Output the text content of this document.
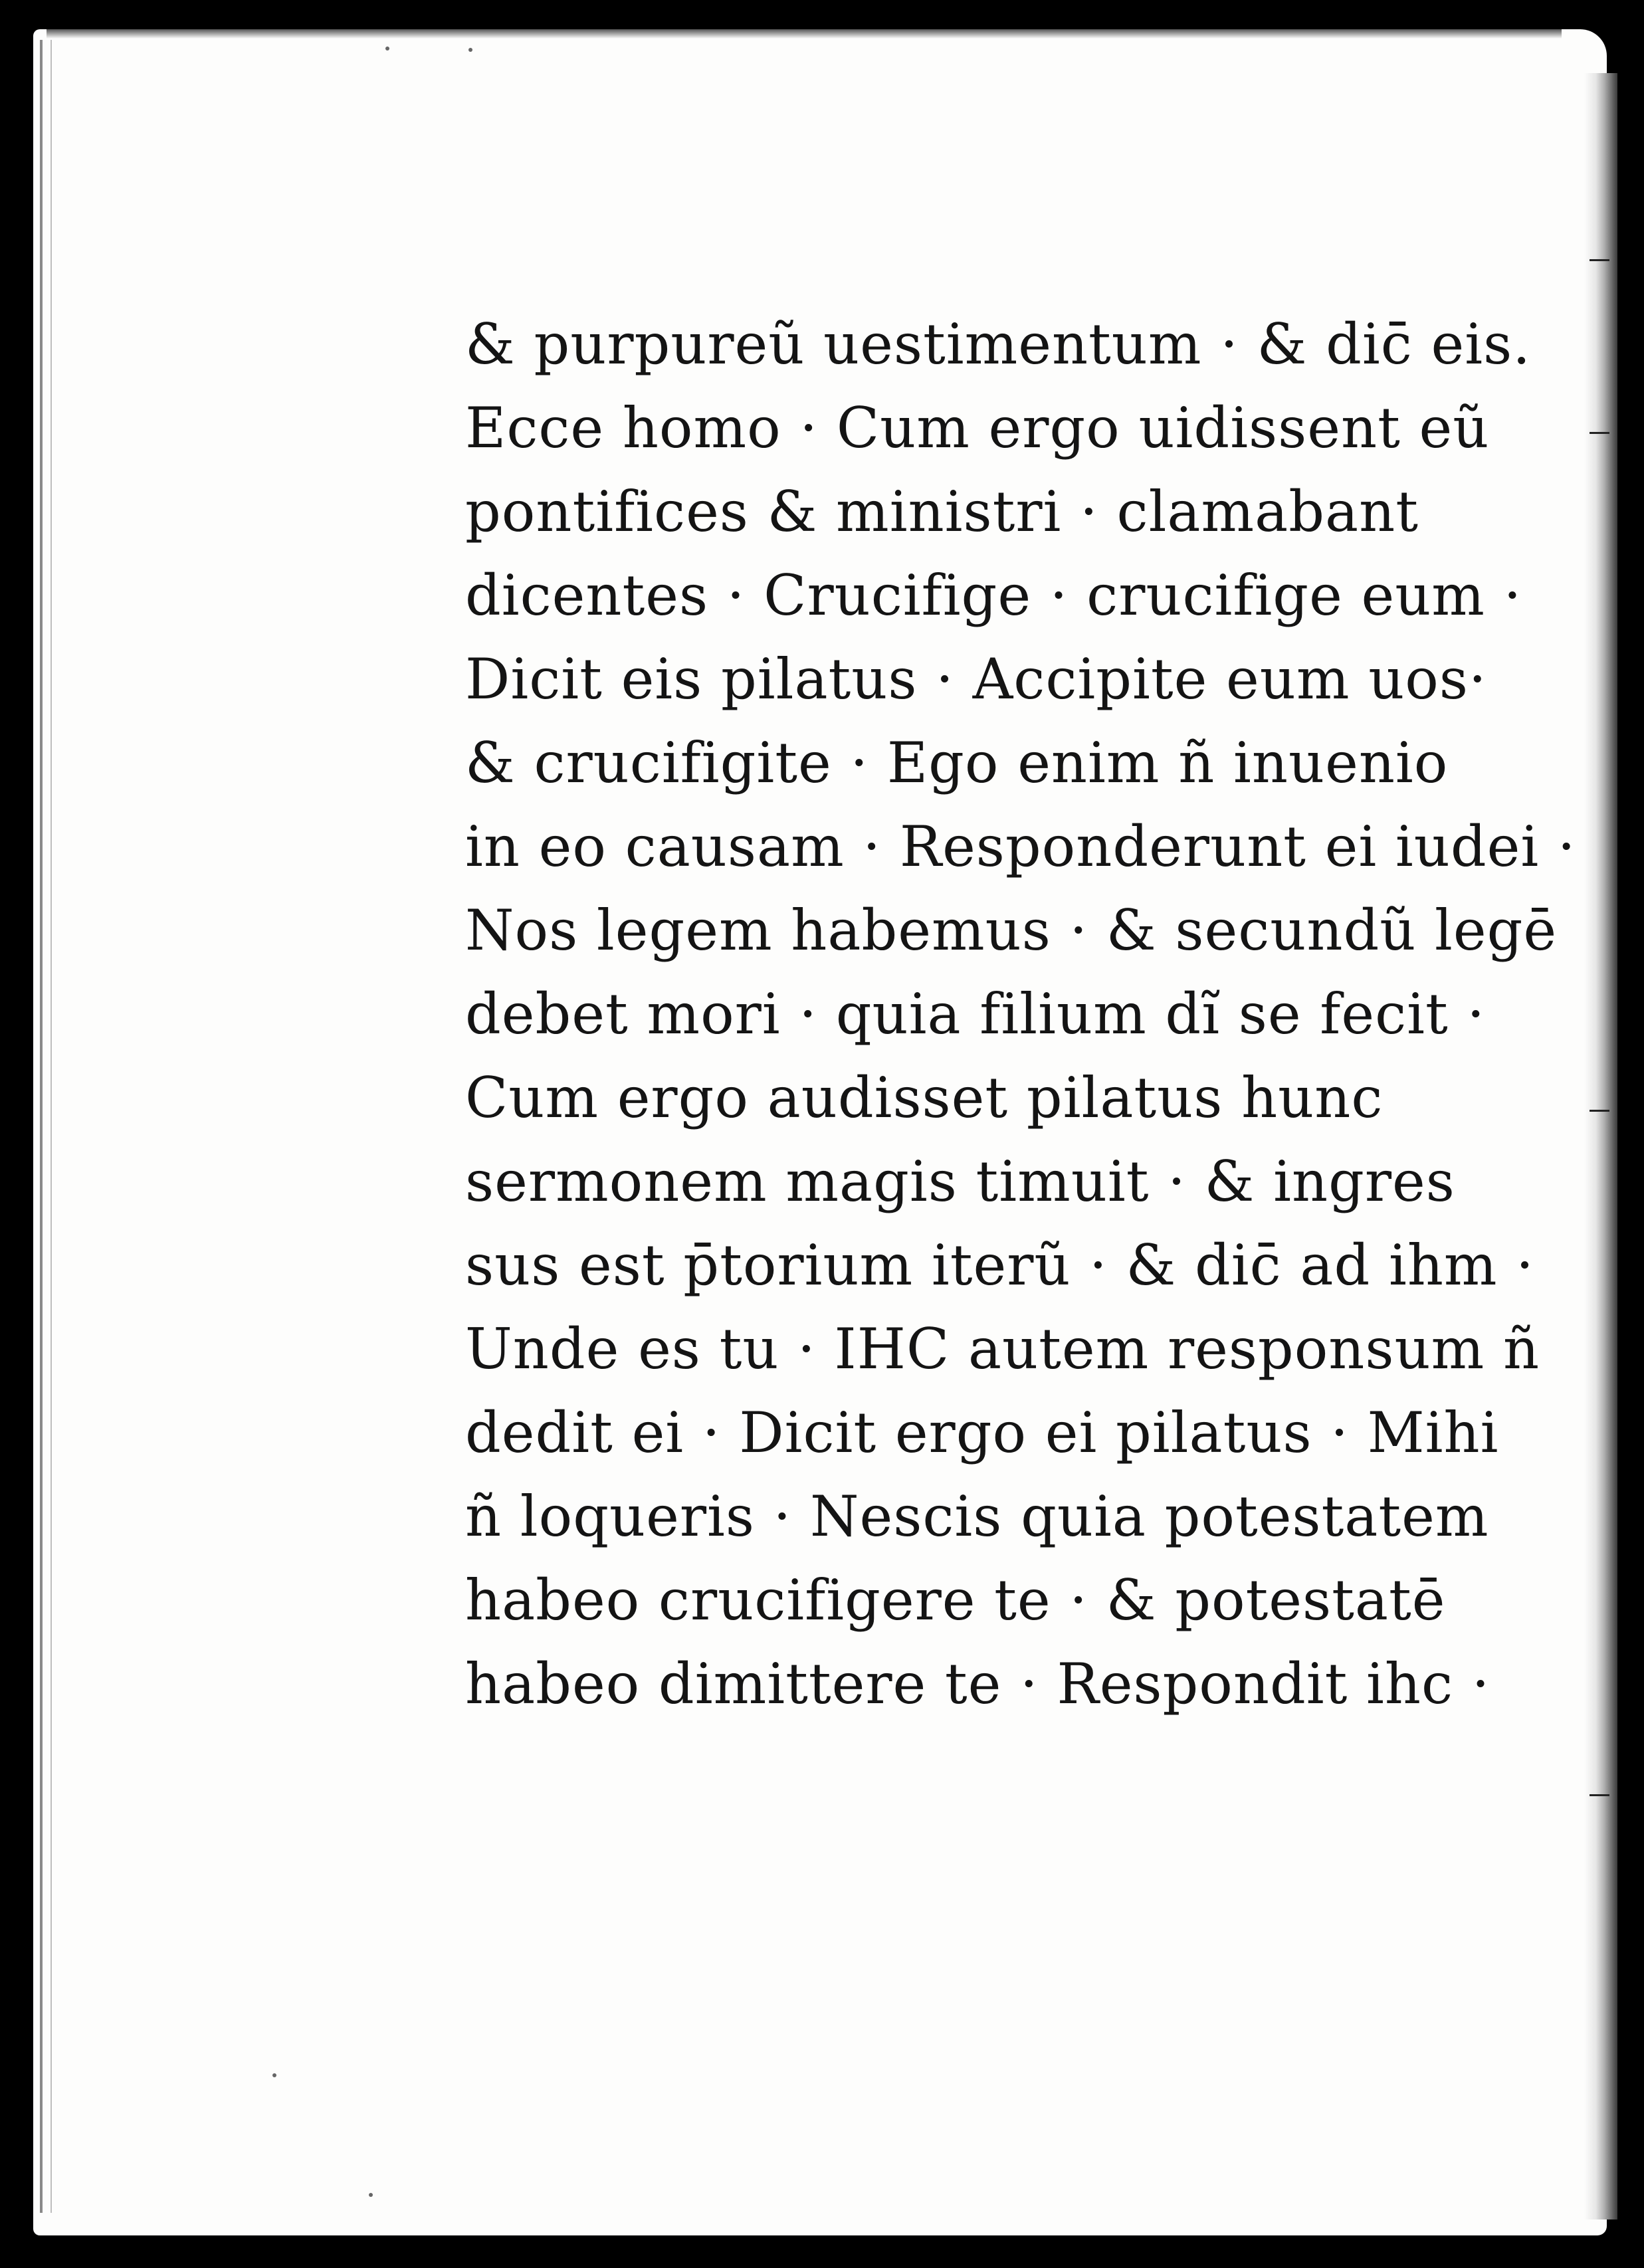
& purpureũ uestimentum · & dic̄ eis.
Ecce homo · Cum ergo uidissent eũ
pontifices & ministri · clamabant
dicentes · Crucifige · crucifige eum ·
Dicit eis pilatus · Accipite eum uos·
& crucifigite · Ego enim ñ inuenio
in eo causam · Responderunt ei iudei ·
Nos legem habemus · & secundũ legē
debet mori · quia filium dĩ se fecit ·
Cum ergo audisset pilatus hunc
sermonem magis timuit · & ingres
sus est p̄torium iterũ · & dic̄ ad ihm ·
Unde es tu · IHC autem responsum ñ
dedit ei · Dicit ergo ei pilatus · Mihi
ñ loqueris · Nescis quia potestatem
habeo crucifigere te · & potestatē
habeo dimittere te · Respondit ihc ·
